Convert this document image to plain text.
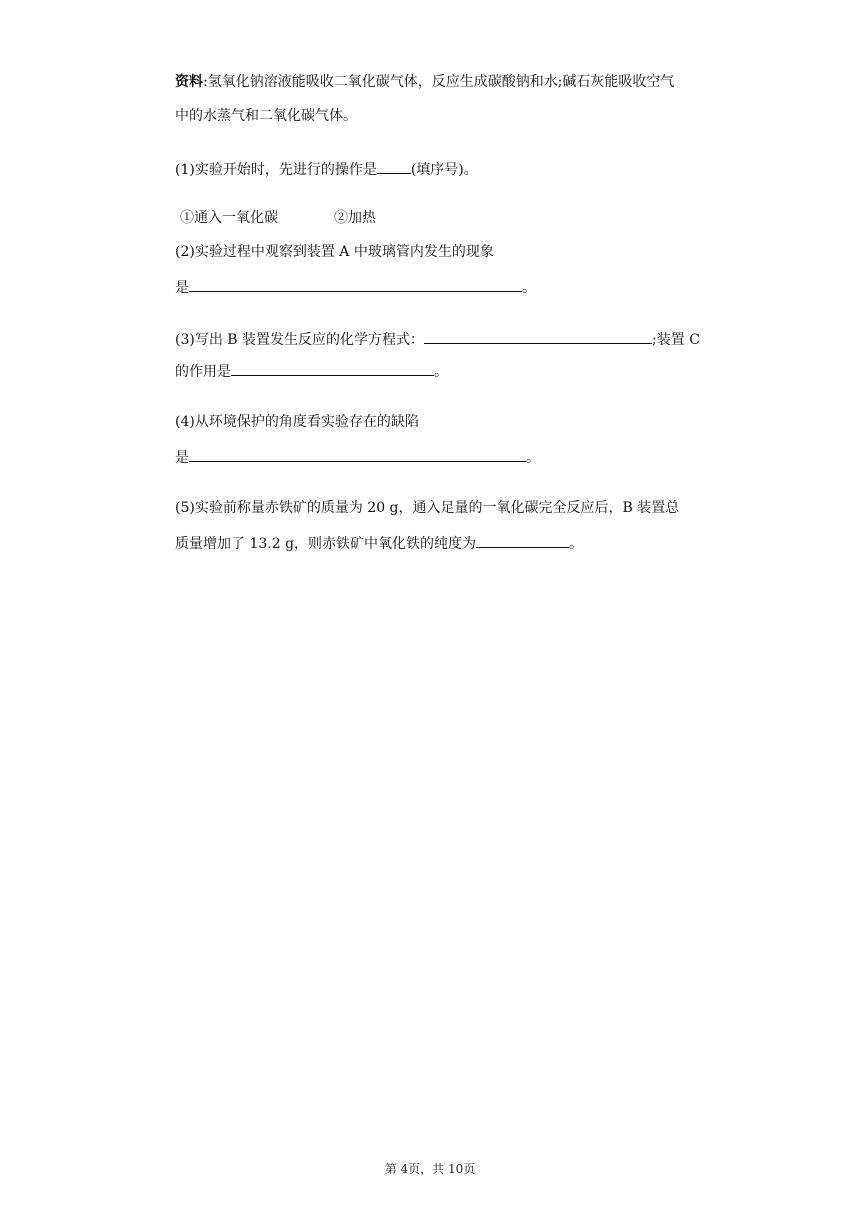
资料:氢氧化钠溶液能吸收二氧化碳气体，反应生成碳酸钠和水;碱石灰能吸收空气
中的水蒸气和二氧化碳气体。
(1)实验开始时，先进行的操作是 (填序号)。
①通入一氧化碳	②加热
(2)实验过程中观察到装置 A 中玻璃管内发生的现象
是	。
(3)写出 B 装置发生反应的化学方程式：	;装置 C
的作用是	。
(4)从环境保护的角度看实验存在的缺陷
是	。
(5)实验前称量赤铁矿的质量为 20 g，通入足量的一氧化碳完全反应后，B 装置总
质量增加了 13.2 g，则赤铁矿中氧化铁的纯度为	。
第 4页，共 10页
